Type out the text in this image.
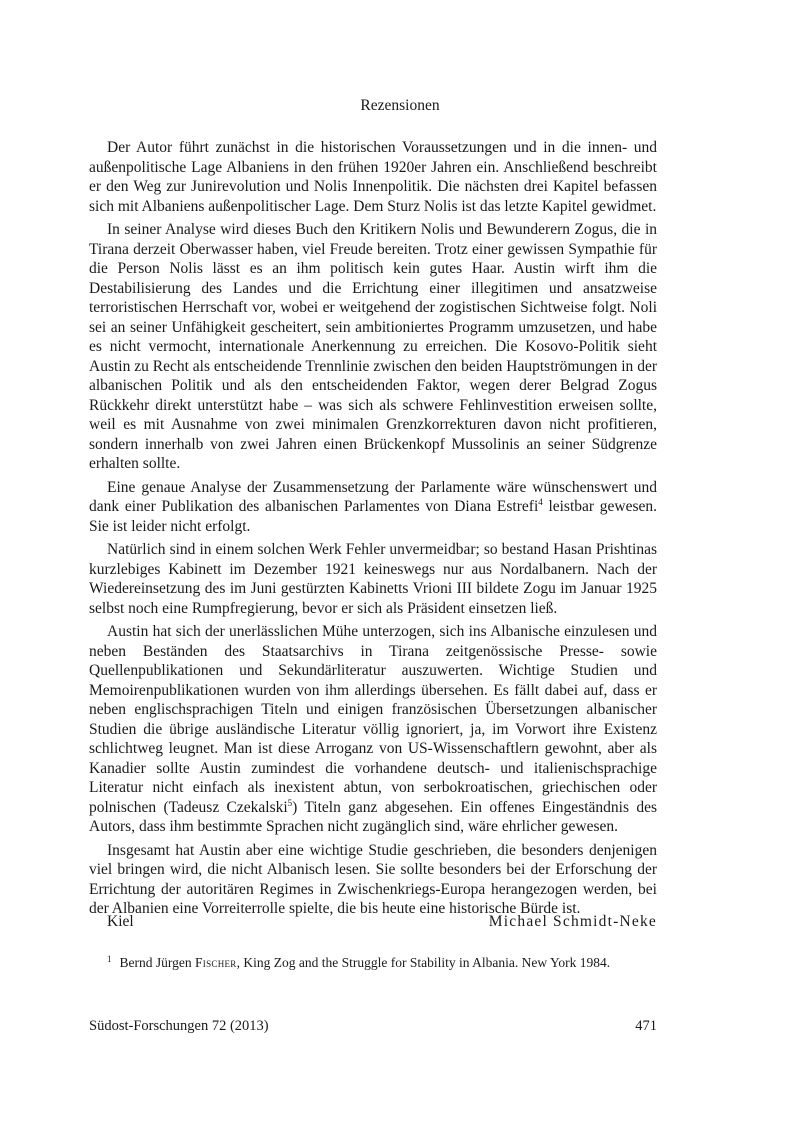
Rezensionen

Der Autor führt zunächst in die historischen Voraussetzungen und in die innen- und außenpolitische Lage Albaniens in den frühen 1920er Jahren ein. Anschließend beschreibt er den Weg zur Junirevolution und Nolis Innenpolitik. Die nächsten drei Kapitel befassen sich mit Albaniens außenpolitischer Lage. Dem Sturz Nolis ist das letzte Kapitel gewidmet.

In seiner Analyse wird dieses Buch den Kritikern Nolis und Bewunderern Zogus, die in Tirana derzeit Oberwasser haben, viel Freude bereiten. Trotz einer gewissen Sympathie für die Person Nolis lässt es an ihm politisch kein gutes Haar. Austin wirft ihm die Destabilisierung des Landes und die Errichtung einer illegitimen und ansatzweise terroristischen Herrschaft vor, wobei er weitgehend der zogistischen Sichtweise folgt. Noli sei an seiner Unfähigkeit gescheitert, sein ambitioniertes Programm umzusetzen, und habe es nicht vermocht, internationale Anerkennung zu erreichen. Die Kosovo-Politik sieht Austin zu Recht als entscheidende Trennlinie zwischen den beiden Hauptströmungen in der albanischen Politik und als den entscheidenden Faktor, wegen derer Belgrad Zogus Rückkehr direkt unterstützt habe – was sich als schwere Fehlinvestition erweisen sollte, weil es mit Ausnahme von zwei minimalen Grenzkorrekturen davon nicht profitieren, sondern innerhalb von zwei Jahren einen Brückenkopf Mussolinis an seiner Südgrenze erhalten sollte.

Eine genaue Analyse der Zusammensetzung der Parlamente wäre wünschenswert und dank einer Publikation des albanischen Parlamentes von Diana Estrefi$^4$ leistbar gewesen. Sie ist leider nicht erfolgt.

Natürlich sind in einem solchen Werk Fehler unvermeidbar; so bestand Hasan Prishtinas kurzlebiges Kabinett im Dezember 1921 keineswegs nur aus Nordalbanern. Nach der Wiedereinsetzung des im Juni gestürzten Kabinetts Vrioni III bildete Zogu im Januar 1925 selbst noch eine Rumpfregierung, bevor er sich als Präsident einsetzen ließ.

Austin hat sich der unerlässlichen Mühe unterzogen, sich ins Albanische einzulesen und neben Beständen des Staatsarchivs in Tirana zeitgenössische Presse- sowie Quellenpublikationen und Sekundärliteratur auszuwerten. Wichtige Studien und Memoirenpublikationen wurden von ihm allerdings übersehen. Es fällt dabei auf, dass er neben englischsprachigen Titeln und einigen französischen Übersetzungen albanischer Studien die übrige ausländische Literatur völlig ignoriert, ja, im Vorwort ihre Existenz schlichtweg leugnet. Man ist diese Arroganz von US-Wissenschaftlern gewohnt, aber als Kanadier sollte Austin zumindest die vorhandene deutsch- und italienischsprachige Literatur nicht einfach als inexistent abtun, von serbokroatischen, griechischen oder polnischen (Tadeusz Czekalski$^5$) Titeln ganz abgesehen. Ein offenes Eingeständnis des Autors, dass ihm bestimmte Sprachen nicht zugänglich sind, wäre ehrlicher gewesen.

Insgesamt hat Austin aber eine wichtige Studie geschrieben, die besonders denjenigen viel bringen wird, die nicht Albanisch lesen. Sie sollte besonders bei der Erforschung der Errichtung der autoritären Regimes in Zwischenkriegs-Europa herangezogen werden, bei der Albanien eine Vorreiterrolle spielte, die bis heute eine historische Bürde ist.

Kiel	Michael Schmidt-Neke
$^1$ Bernd Jürgen Fischer, King Zog and the Struggle for Stability in Albania. New York 1984.
Südost-Forschungen 72 (2013)	471
